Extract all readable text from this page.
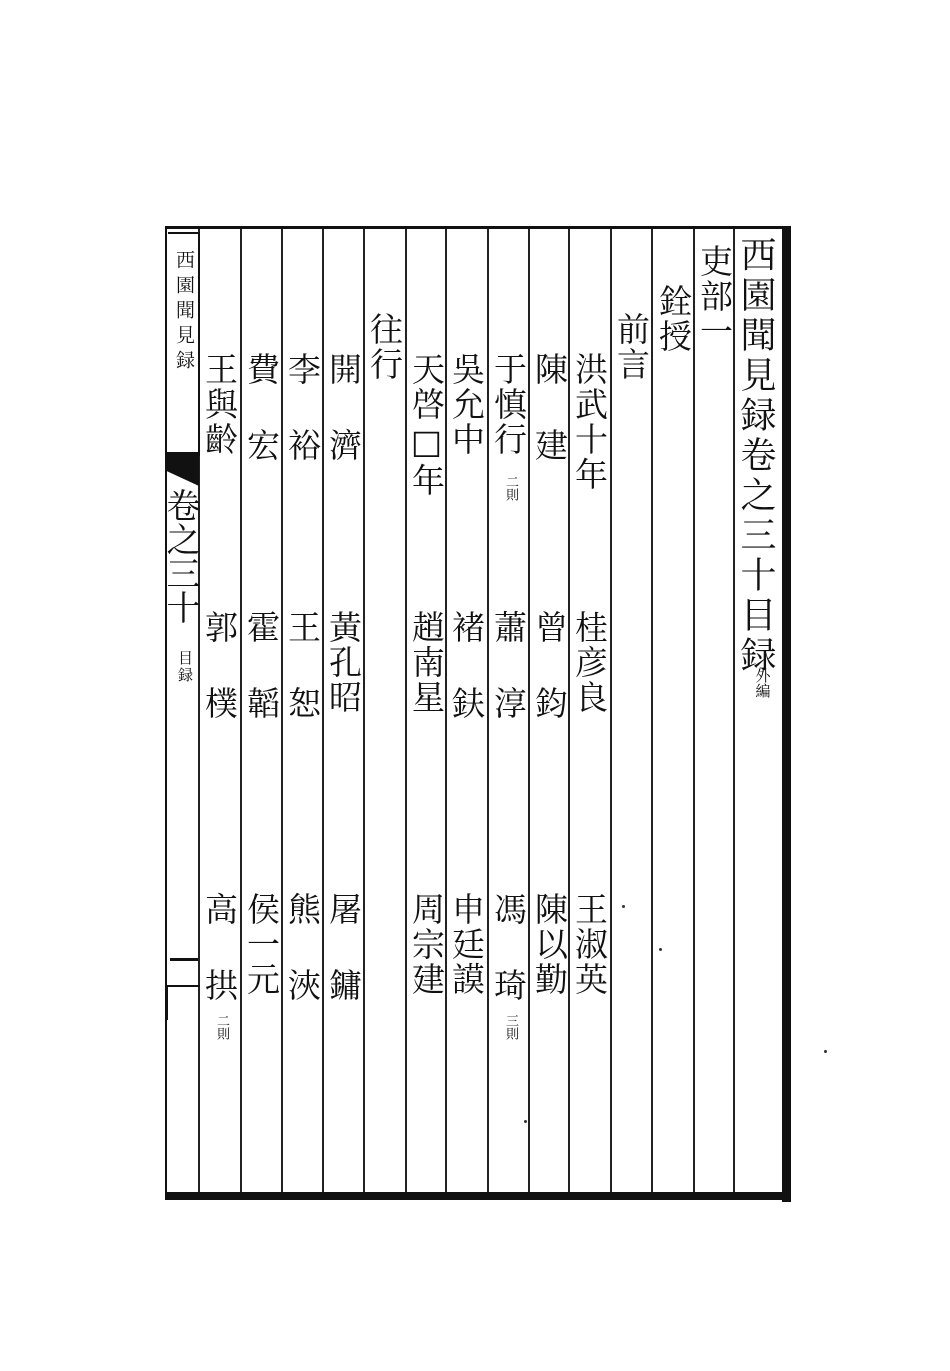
西園聞見録卷之三十目録
外編
吏部一
銓授
前言
洪武十年
桂彦良
王淑英
陳 建
曾 鈞
陳以勤
于慎行
二則
蕭 淳
馮 琦
三則
吳允中
褚 鈇
申廷謨
天啓□年
趙南星
周宗建
往行
開 濟
黃孔昭
屠 鏞
李 裕
王 恕
熊 浹
費 宏
霍 韜
侯一元
王與齡
郭 樸
高 拱
二則
西園聞見録
卷之三十
目録
